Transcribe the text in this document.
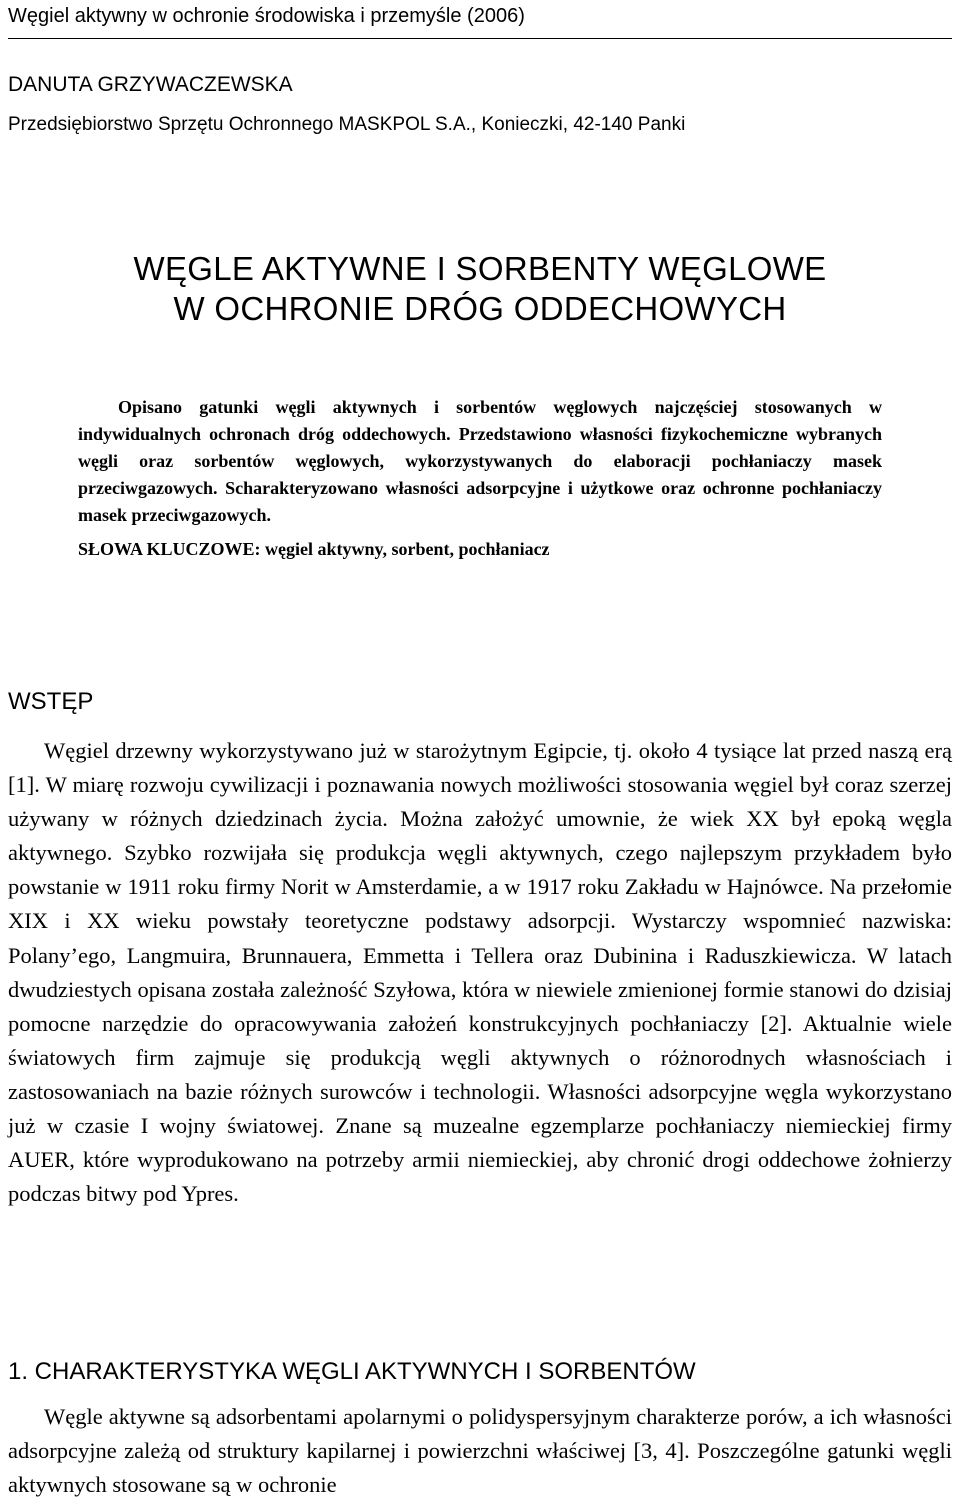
Węgiel aktywny w ochronie środowiska i przemyśle (2006)
DANUTA GRZYWACZEWSKA
Przedsiębiorstwo Sprzętu Ochronnego MASKPOL S.A., Konieczki, 42-140 Panki
WĘGLE AKTYWNE I SORBENTY WĘGLOWE
W OCHRONIE DRÓG ODDECHOWYCH

Opisano gatunki węgli aktywnych i sorbentów węglowych najczęściej stosowanych w indywidualnych ochronach dróg oddechowych. Przedstawiono własności fizykochemiczne wybranych węgli oraz sorbentów węglowych, wykorzystywanych do elaboracji pochłaniaczy masek przeciwgazowych. Scharakteryzowano własności adsorpcyjne i użytkowe oraz ochronne pochłaniaczy masek przeciwgazowych.

SŁOWA KLUCZOWE: węgiel aktywny, sorbent, pochłaniacz
WSTĘP

Węgiel drzewny wykorzystywano już w starożytnym Egipcie, tj. około 4 tysiące lat przed naszą erą [1]. W miarę rozwoju cywilizacji i poznawania nowych możliwości stosowania węgiel był coraz szerzej używany w różnych dziedzinach życia. Można założyć umownie, że wiek XX był epoką węgla aktywnego. Szybko rozwijała się produkcja węgli aktywnych, czego najlepszym przykładem było powstanie w 1911 roku firmy Norit w Amsterdamie, a w 1917 roku Zakładu w Hajnówce. Na przełomie XIX i XX wieku powstały teoretyczne podstawy adsorpcji. Wystarczy wspomnieć nazwiska: Polany’ego, Langmuira, Brunnauera, Emmetta i Tellera oraz Dubinina i Raduszkiewicza. W latach dwudziestych opisana została zależność Szyłowa, która w niewiele zmienionej formie stanowi do dzisiaj pomocne narzędzie do opracowywania założeń konstrukcyjnych pochłaniaczy [2]. Aktualnie wiele światowych firm zajmuje się produkcją węgli aktywnych o różnorodnych własnościach i zastosowaniach na bazie różnych surowców i technologii. Własności adsorpcyjne węgla wykorzystano już w czasie I wojny światowej. Znane są muzealne egzemplarze pochłaniaczy niemieckiej firmy AUER, które wyprodukowano na potrzeby armii niemieckiej, aby chronić drogi oddechowe żołnierzy podczas bitwy pod Ypres.

1. CHARAKTERYSTYKA WĘGLI AKTYWNYCH I SORBENTÓW

Węgle aktywne są adsorbentami apolarnymi o polidyspersyjnym charakterze porów, a ich własności adsorpcyjne zależą od struktury kapilarnej i powierzchni właściwej [3, 4]. Poszczególne gatunki węgli aktywnych stosowane są w ochronie
